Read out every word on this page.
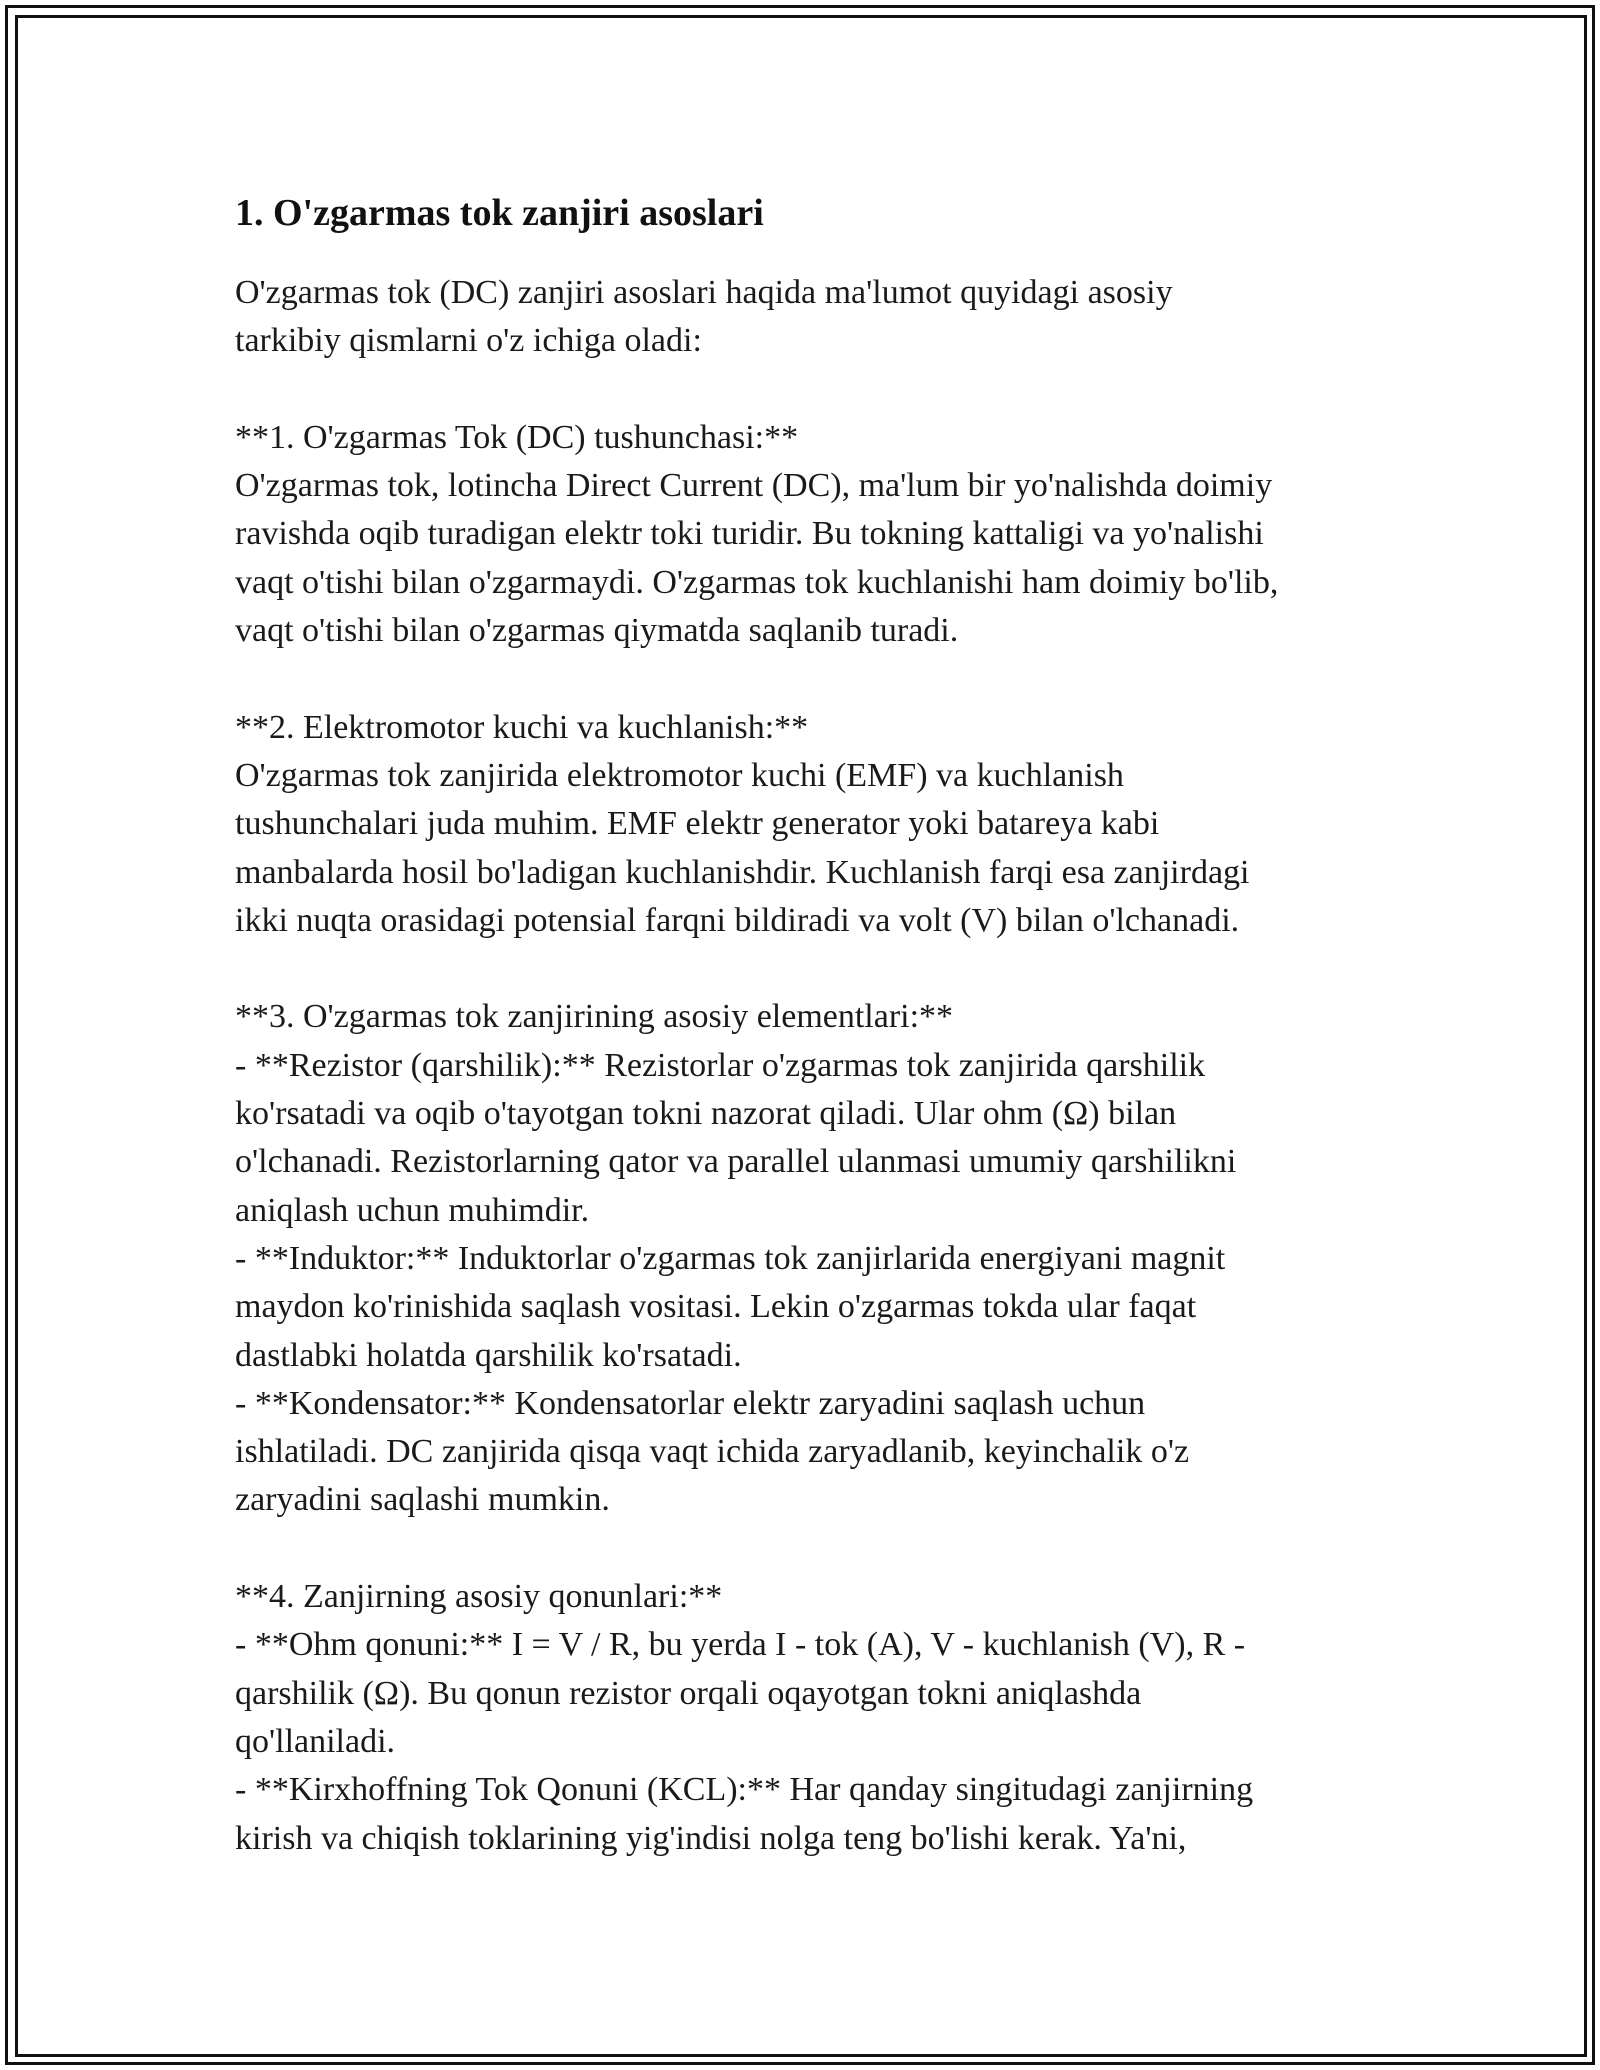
1. O'zgarmas tok zanjiri asoslari

O'zgarmas tok (DC) zanjiri asoslari haqida ma'lumot quyidagi asosiy
tarkibiy qismlarni o'z ichiga oladi:

**1. O'zgarmas Tok (DC) tushunchasi:**

O'zgarmas tok, lotincha Direct Current (DC), ma'lum bir yo'nalishda doimiy
ravishda oqib turadigan elektr toki turidir. Bu tokning kattaligi va yo'nalishi
vaqt o'tishi bilan o'zgarmaydi. O'zgarmas tok kuchlanishi ham doimiy bo'lib,
vaqt o'tishi bilan o'zgarmas qiymatda saqlanib turadi.

**2. Elektromotor kuchi va kuchlanish:**

O'zgarmas tok zanjirida elektromotor kuchi (EMF) va kuchlanish
tushunchalari juda muhim. EMF elektr generator yoki batareya kabi
manbalarda hosil bo'ladigan kuchlanishdir. Kuchlanish farqi esa zanjirdagi
ikki nuqta orasidagi potensial farqni bildiradi va volt (V) bilan o'lchanadi.

**3. O'zgarmas tok zanjirining asosiy elementlari:**

- **Rezistor (qarshilik):** Rezistorlar o'zgarmas tok zanjirida qarshilik
ko'rsatadi va oqib o'tayotgan tokni nazorat qiladi. Ular ohm (Ω) bilan
o'lchanadi. Rezistorlarning qator va parallel ulanmasi umumiy qarshilikni
aniqlash uchun muhimdir.
- **Induktor:** Induktorlar o'zgarmas tok zanjirlarida energiyani magnit
maydon ko'rinishida saqlash vositasi. Lekin o'zgarmas tokda ular faqat
dastlabki holatda qarshilik ko'rsatadi.
- **Kondensator:** Kondensatorlar elektr zaryadini saqlash uchun
ishlatiladi. DC zanjirida qisqa vaqt ichida zaryadlanib, keyinchalik o'z
zaryadini saqlashi mumkin.

**4. Zanjirning asosiy qonunlari:**

- **Ohm qonuni:** I = V / R, bu yerda I - tok (A), V - kuchlanish (V), R -
qarshilik (Ω). Bu qonun rezistor orqali oqayotgan tokni aniqlashda
qo'llaniladi.
- **Kirxhoffning Tok Qonuni (KCL):** Har qanday singitudagi zanjirning
kirish va chiqish toklarining yig'indisi nolga teng bo'lishi kerak. Ya'ni,
